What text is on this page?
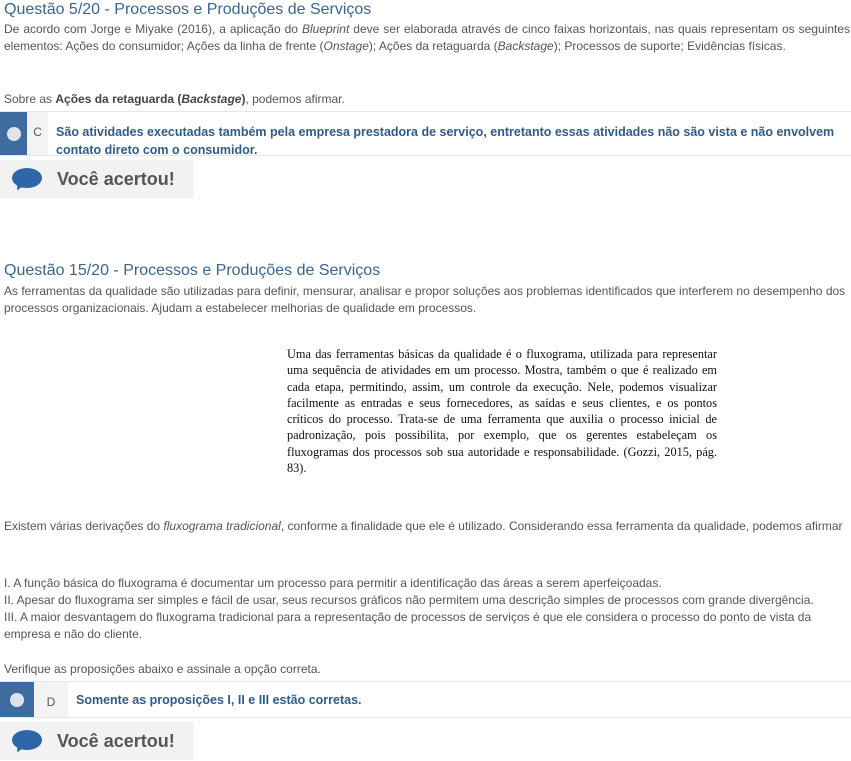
Questão 5/20 - Processos e Produções de Serviços
De acordo com Jorge e Miyake (2016), a aplicação do Blueprint deve ser elaborada através de cinco faixas horizontais, nas quais representam os seguintes elementos: Ações do consumidor; Ações da linha de frente (Onstage); Ações da retaguarda (Backstage); Processos de suporte; Evidências físicas.
Sobre as Ações da retaguarda (Backstage), podemos afirmar.
C	São atividades executadas também pela empresa prestadora de serviço, entretanto essas atividades não são vista e não envolvem contato direto com o consumidor.
Você acertou!
Questão 15/20 - Processos e Produções de Serviços
As ferramentas da qualidade são utilizadas para definir, mensurar, analisar e propor soluções aos problemas identificados que interferem no desempenho dos processos organizacionais. Ajudam a estabelecer melhorias de qualidade em processos.
Uma das ferramentas básicas da qualidade é o fluxograma, utilizada para representar uma sequência de atividades em um processo. Mostra, também o que é realizado em cada etapa, permitindo, assim, um controle da execução. Nele, podemos visualizar facilmente as entradas e seus fornecedores, as saídas e seus clientes, e os pontos críticos do processo. Trata-se de uma ferramenta que auxilia o processo inicial de padronização, pois possibilita, por exemplo, que os gerentes estabeleçam os fluxogramas dos processos sob sua autoridade e responsabilidade. (Gozzi, 2015, pág. 83).
Existem várias derivações do fluxograma tradicional, conforme a finalidade que ele é utilizado. Considerando essa ferramenta da qualidade, podemos afirmar
I. A função básica do fluxograma é documentar um processo para permitir a identificação das áreas a serem aperfeiçoadas.
II. Apesar do fluxograma ser simples e fácil de usar, seus recursos gráficos não permitem uma descrição simples de processos com grande divergência.
III. A maior desvantagem do fluxograma tradicional para a representação de processos de serviços é que ele considera o processo do ponto de vista da empresa e não do cliente.
Verifique as proposições abaixo e assinale a opção correta.
D	Somente as proposições I, II e III estão corretas.
Você acertou!
